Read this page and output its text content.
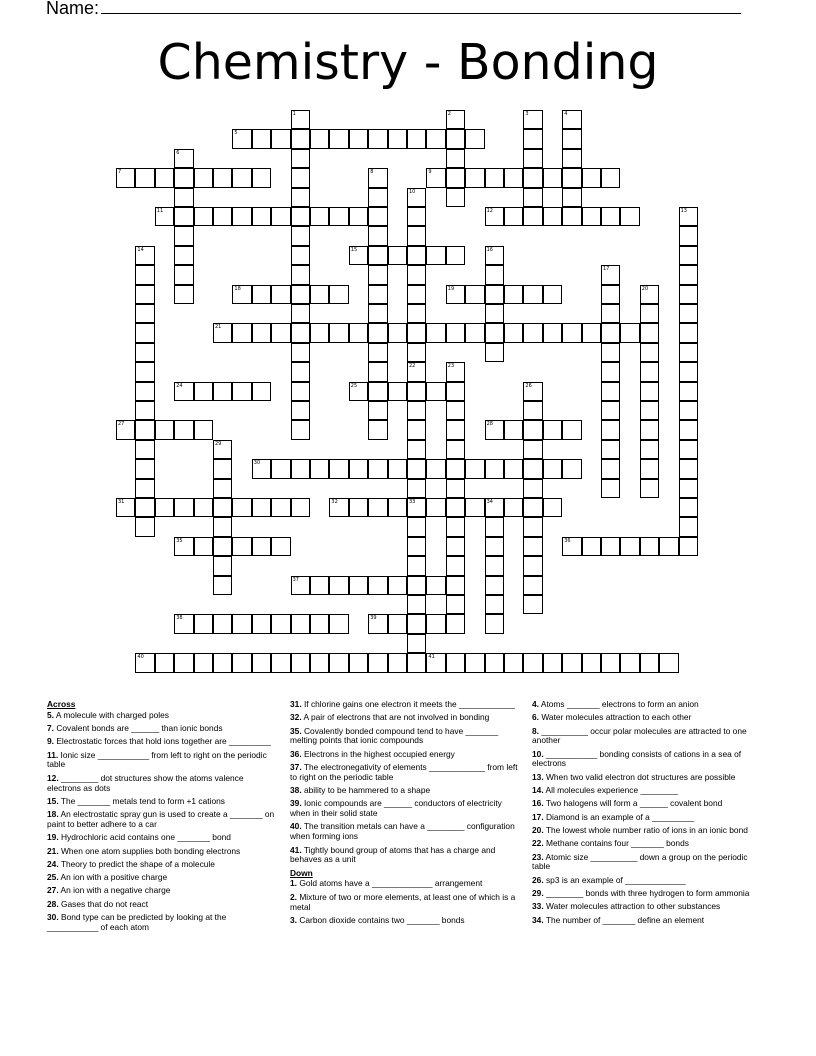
Name:
Chemistry - Bonding
5
7	9
11	12
15
18	19
21
24	25
27	28
30
31	32	33	34
35	36
37
38	39
40	41
1	2	3	4
6
8
10
22
13
14	16
17
20
23
26
29
Across
5. A molecule with charged poles
7. Covalent bonds are ______ than ionic bonds
9. Electrostatic forces that hold ions together are _________
11. Ionic size ___________ from left to right on the periodic table
12. ________ dot structures show the atoms valence electrons as dots
15. The _______ metals tend to form +1 cations
18. An electrostatic spray gun is used to create a _______ on paint to better adhere to a car
19. Hydrochloric acid contains one _______ bond
21. When one atom supplies both bonding electrons
24. Theory to predict the shape of a molecule
25. An ion with a positive charge
27. An ion with a negative charge
28. Gases that do not react
30. Bond type can be predicted by looking at the ___________ of each atom
31. If chlorine gains one electron it meets the ____________
32. A pair of electrons that are not involved in bonding
35. Covalently bonded compound tend to have _______ melting points that ionic compounds
36. Electrons in the highest occupied energy
37. The electronegativity of elements ____________ from left to right on the periodic table
38. ability to be hammered to a shape
39. Ionic compounds are ______ conductors of electricity when in their solid state
40. The transition metals can have a ________ configuration when forming ions
41. Tightly bound group of atoms that has a charge and behaves as a unit
Down
1. Gold atoms have a _____________ arrangement
2. Mixture of two or more elements, at least one of which is a metal
3. Carbon dioxide contains two _______ bonds
4. Atoms _______ electrons to form an anion
6. Water molecules attraction to each other
8. __________ occur polar molecules are attracted to one another
10. ___________ bonding consists of cations in a sea of electrons
13. When two valid electron dot structures are possible
14. All molecules experience ________
16. Two halogens will form a ______ covalent bond
17. Diamond is an example of a _________
20. The lowest whole number ratio of ions in an ionic bond
22. Methane contains four _______ bonds
23. Atomic size __________ down a group on the periodic table
26. sp3 is an example of _____________
29. ________ bonds with three hydrogen to form ammonia
33. Water molecules attraction to other substances
34. The number of _______ define an element
